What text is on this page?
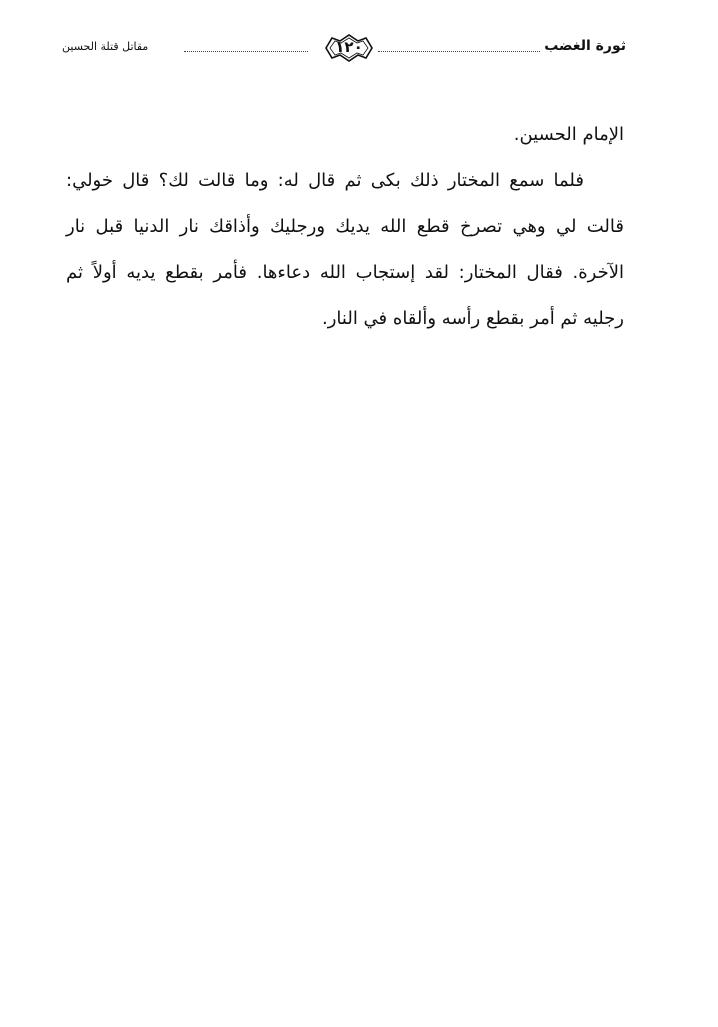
ثورة الغضب
١٢٠
مقاتل قتلة الحسين

الإمام الحسين.

فلما سمع المختار ذلك بكى ثم قال له: وما قالت لك؟ قال خولي: قالت لي وهي تصرخ قطع الله يديك ورجليك وأذاقك نار الدنيا قبل نار الآخرة. فقال المختار: لقد إستجاب الله دعاءها. فأمر بقطع يديه أولاً ثم رجليه ثم أمر بقطع رأسه وألقاه في النار.
